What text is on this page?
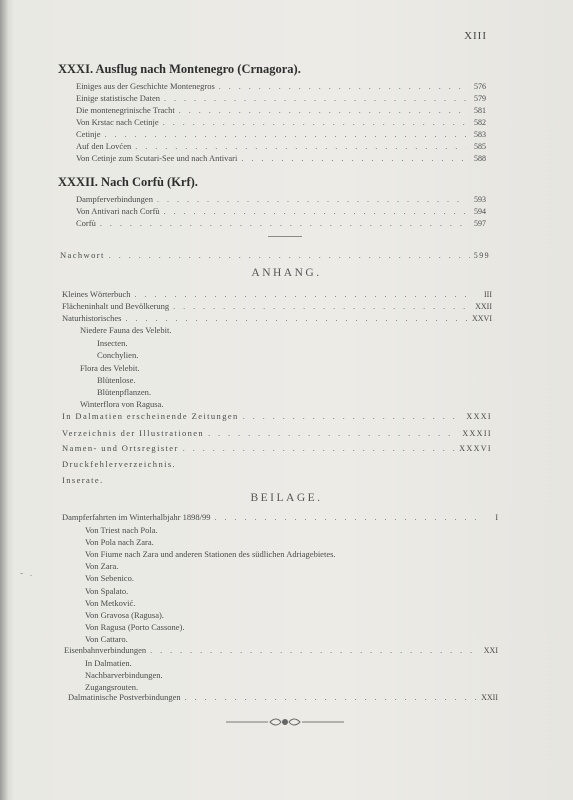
- .
XIII
XXXI. Ausflug nach Montenegro (Crnagora).
Einiges aus der Geschichte Montenegros . . .	576
Einige statistische Daten . . .	579
Die montenegrinische Tracht . . .	581
Von Krstac nach Cetinje . . .	582
Cetinje . . .	583
Auf den Lovćen . . .	585
Von Cetinje zum Scutari-See und nach Antivari . . .	588
XXXII. Nach Corfù (Krf).
Dampferverbindungen . . .	593
Von Antivari nach Corfù . . .	594
Corfù . . .	597
Nachwort . . .	599
ANHANG.
Kleines Wörterbuch . . .	III
Flächeninhalt und Bevölkerung . . .	XXII
Naturhistorisches . . .	XXVI
Niedere Fauna des Velebit.
Insecten.
Conchylien.
Flora des Velebit.
Blütenlose.
Blütenpflanzen.
Winterflora von Ragusa.
In Dalmatien erscheinende Zeitungen . . .	XXXI
Verzeichnis der Illustrationen . . .	XXXII
Namen- und Ortsregister . . .	XXXVI
Druckfehlerverzeichnis.
Inserate.
BEILAGE.
Dampferfahrten im Winterhalbjahr 1898/99 . . .	I
Von Triest nach Pola.
Von Pola nach Zara.
Von Fiume nach Zara und anderen Stationen des südlichen Adriagebietes.
Von Zara.
Von Sebenico.
Von Spalato.
Von Metković.
Von Gravosa (Ragusa).
Von Ragusa (Porto Cassone).
Von Cattaro.
Eisenbahnverbindungen . . .	XXI
In Dalmatien.
Nachbarverbindungen.
Zugangsrouten.
Dalmatinische Postverbindungen . . .	XXII
